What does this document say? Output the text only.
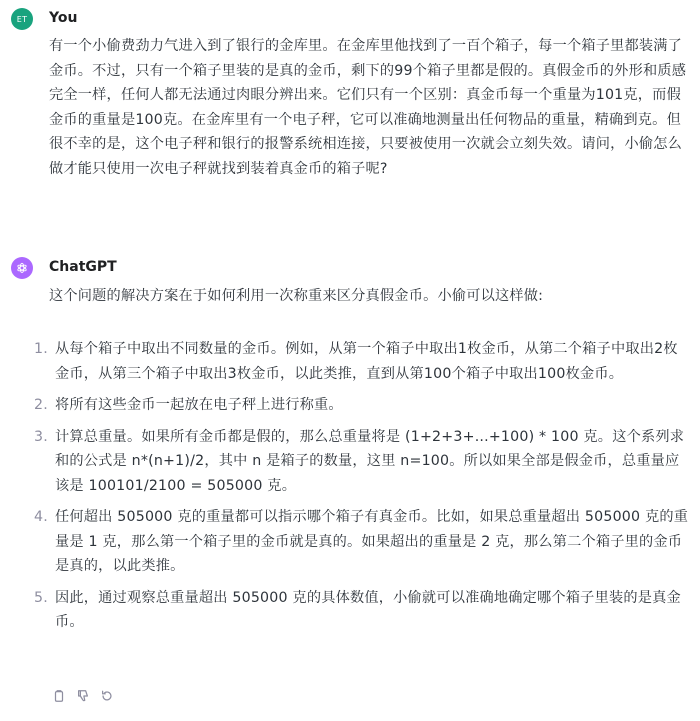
ET You
有一个小偷费劲力气进入到了银行的金库里。在金库里他找到了一百个箱子，每一个箱子里都装满了金币。不过，只有一个箱子里装的是真的金币，剩下的99个箱子里都是假的。真假金币的外形和质感完全一样，任何人都无法通过肉眼分辨出来。它们只有一个区别：真金币每一个重量为101克，而假金币的重量是100克。在金库里有一个电子秤，它可以准确地测量出任何物品的重量，精确到克。但很不幸的是，这个电子秤和银行的报警系统相连接，只要被使用一次就会立刻失效。请问，小偷怎么做才能只使用一次电子秤就找到装着真金币的箱子呢?
ChatGPT
这个问题的解决方案在于如何利用一次称重来区分真假金币。小偷可以这样做:
1. 从每个箱子中取出不同数量的金币。例如，从第一个箱子中取出1枚金币，从第二个箱子中取出2枚金币，从第三个箱子中取出3枚金币，以此类推，直到从第100个箱子中取出100枚金币。
2. 将所有这些金币一起放在电子秤上进行称重。
3. 计算总重量。如果所有金币都是假的，那么总重量将是 (1+2+3+...+100) * 100 克。这个系列求和的公式是 n*(n+1)/2，其中 n 是箱子的数量，这里 n=100。所以如果全部是假金币，总重量应该是 100101/2100 = 505000 克。
4. 任何超出 505000 克的重量都可以指示哪个箱子有真金币。比如，如果总重量超出 505000 克的重量是 1 克，那么第一个箱子里的金币就是真的。如果超出的重量是 2 克，那么第二个箱子里的金币是真的，以此类推。
5. 因此，通过观察总重量超出 505000 克的具体数值，小偷就可以准确地确定哪个箱子里装的是真金币。
